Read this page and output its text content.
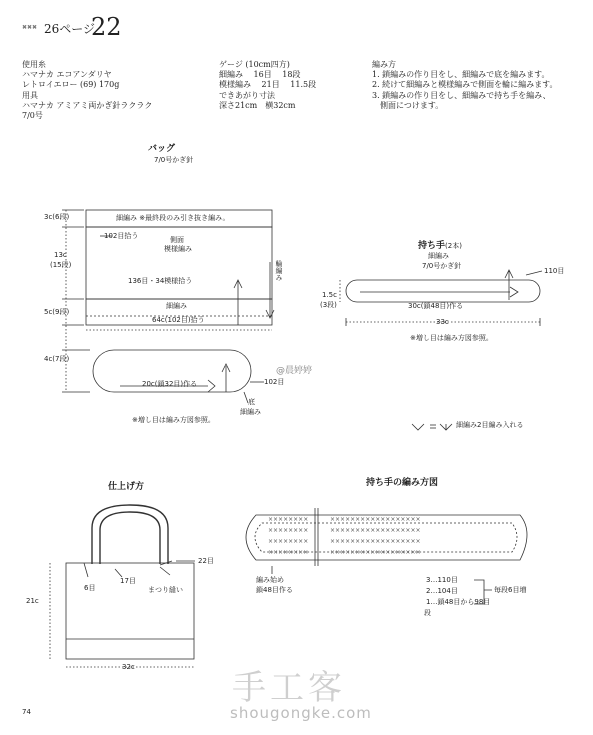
✖✖✖ 26ページ
22
使用糸
ハマナカ エコアンダリヤ
レトロイエロー (69) 170g
用具
ハマナカ アミアミ両かぎ針ラクラク
7/0号
ゲージ (10cm四方)
細編み　 16目　 18段
模様編み　 21目　 11.5段
できあがり寸法
深さ21cm　横32cm
編み方
1. 鎖編みの作り目をし、細編みで底を編みます。
2. 続けて細編みと模様編みで側面を輪に編みます。
3. 鎖編みの作り目をし、細編みで持ち手を編み、
　側面につけます。
××××××××	××××××××××××××××××
××××××××	××××××××××××××××××
××××××××	××××××××××××××××××
××××××××	××××××××××××××××××
バッグ
7/0号かぎ針
3c(6段)
13c
(15段)
5c(9段)
4c(7段)
細編み ※最終段のみ引き抜き編み。
102目拾う	側面
模様編み
輪編み
136目・34模様拾う
細編み
64c(102目)拾う
20c(鎖32目)作る	102目
底
細編み
※増し目は編み方図参照。
持ち手(2本)
細編み
7/0号かぎ針
110目
1.5c
(3段)	30c(鎖48目)作る
33c
※増し目は編み方図参照。
@晨婷婷
細編み2目編み入れる
仕上げ方
22目
17目
6目	まつり縫い
21c
32c
持ち手の編み方図
編み始め
鎖48目作る
3…110目
2…104目
1…鎖48目から98目
毎段6目増
段
74
手工客
shougongke.com
